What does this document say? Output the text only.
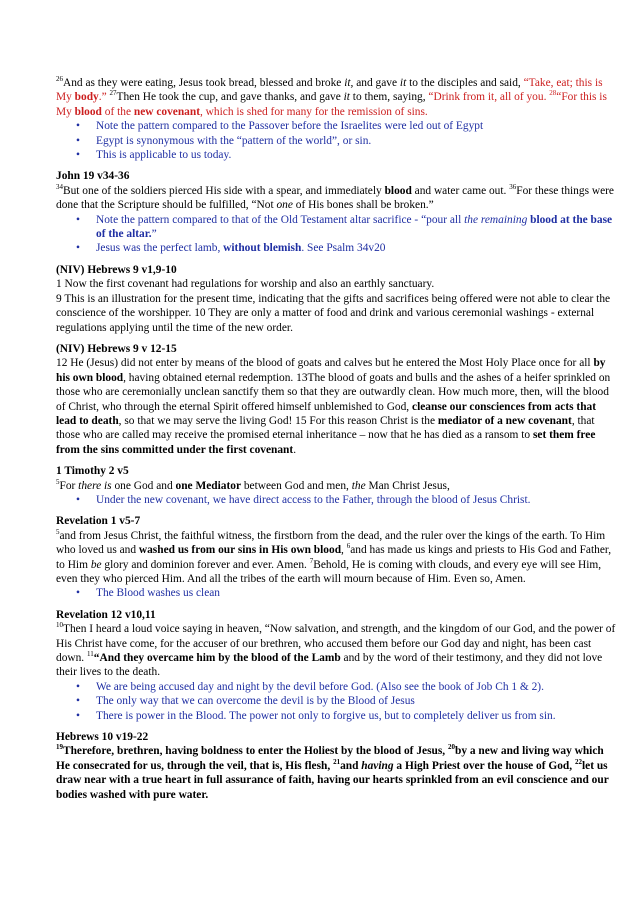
$^{26}$And as they were eating, Jesus took bread, blessed and broke it, and gave it to the disciples and said, “Take, eat; this is My body.” $^{27}$Then He took the cup, and gave thanks, and gave it to them, saying, “Drink from it, all of you. $^{28}$“For this is My blood of the new covenant, which is shed for many for the remission of sins.

• Note the pattern compared to the Passover before the Israelites were led out of Egypt
• Egypt is synonymous with the “pattern of the world”, or sin.
• This is applicable to us today.

John 19 v34-36

$^{34}$But one of the soldiers pierced His side with a spear, and immediately blood and water came out. $^{36}$For these things were done that the Scripture should be fulfilled, “Not one of His bones shall be broken.”

• Note the pattern compared to that of the Old Testament altar sacrifice - “pour all the remaining blood at the base of the altar.”
• Jesus was the perfect lamb, without blemish. See Psalm 34v20

(NIV) Hebrews 9 v1,9-10

1 Now the first covenant had regulations for worship and also an earthly sanctuary.

9 This is an illustration for the present time, indicating that the gifts and sacrifices being offered were not able to clear the conscience of the worshipper. 10 They are only a matter of food and drink and various ceremonial washings - external regulations applying until the time of the new order.

(NIV) Hebrews 9 v 12-15

12 He (Jesus) did not enter by means of the blood of goats and calves but he entered the Most Holy Place once for all by his own blood, having obtained eternal redemption. 13The blood of goats and bulls and the ashes of a heifer sprinkled on those who are ceremonially unclean sanctify them so that they are outwardly clean. How much more, then, will the blood of Christ, who through the eternal Spirit offered himself unblemished to God, cleanse our consciences from acts that lead to death, so that we may serve the living God! 15 For this reason Christ is the mediator of a new covenant, that those who are called may receive the promised eternal inheritance – now that he has died as a ransom to set them free from the sins committed under the first covenant.

1 Timothy 2 v5

$^5$For there is one God and one Mediator between God and men, the Man Christ Jesus,

• Under the new covenant, we have direct access to the Father, through the blood of Jesus Christ.

Revelation 1 v5-7

$^5$and from Jesus Christ, the faithful witness, the firstborn from the dead, and the ruler over the kings of the earth. To Him who loved us and washed us from our sins in His own blood, $^6$and has made us kings and priests to His God and Father, to Him be glory and dominion forever and ever. Amen. $^7$Behold, He is coming with clouds, and every eye will see Him, even they who pierced Him. And all the tribes of the earth will mourn because of Him. Even so, Amen.

• The Blood washes us clean

Revelation 12 v10,11

$^{10}$Then I heard a loud voice saying in heaven, “Now salvation, and strength, and the kingdom of our God, and the power of His Christ have come, for the accuser of our brethren, who accused them before our God day and night, has been cast down. $^{11}$“And they overcame him by the blood of the Lamb and by the word of their testimony, and they did not love their lives to the death.

• We are being accused day and night by the devil before God. (Also see the book of Job Ch 1 & 2).
• The only way that we can overcome the devil is by the Blood of Jesus
• There is power in the Blood. The power not only to forgive us, but to completely deliver us from sin.

Hebrews 10 v19-22

$^{19}$Therefore, brethren, having boldness to enter the Holiest by the blood of Jesus, $^{20}$by a new and living way which He consecrated for us, through the veil, that is, His flesh, $^{21}$and having a High Priest over the house of God, $^{22}$let us draw near with a true heart in full assurance of faith, having our hearts sprinkled from an evil conscience and our bodies washed with pure water.
